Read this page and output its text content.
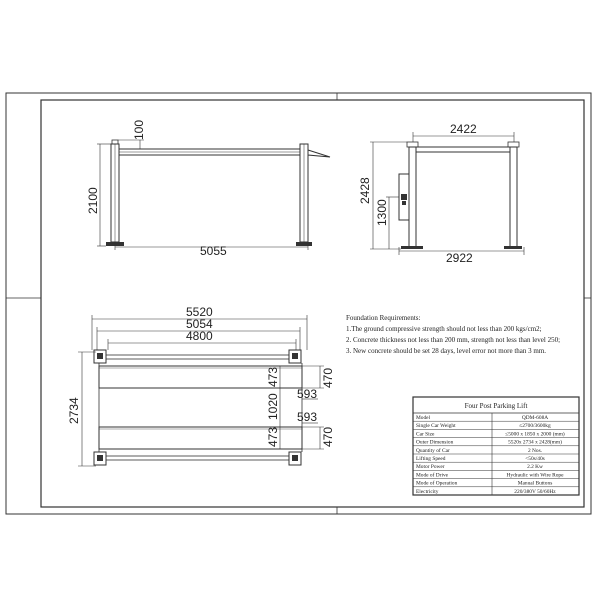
100
2100
5055
2422
2428
1300
2922
5520
5054
4800
2734
473
1020
473
470
470
593
593
Foundation Requirements:
1.The ground compressive strength should not less than 200 kgs/cm2;
2. Concrete thickness not less than 200 mm, strength not less than level 250;
3. New concrete should be set 28 days, level error not more than 3 mm.
Four Post Parking Lift
Model	QDM-608A
Single Car Weight	≤2700/3600kg
Car Size	≤5000 x 1850 x 2000 (mm)
Outer Dimension	5520x 2734 x 2428(mm)
Quantity of Car	2 Nos.
Lifting Speed	<50s/40s
Motor Power	2.2 Kw
Mode of Drive	Hydraulic with Wire Rope
Mode of Operation	Manual Buttons
Electricity	220/380V 50/60Hz
